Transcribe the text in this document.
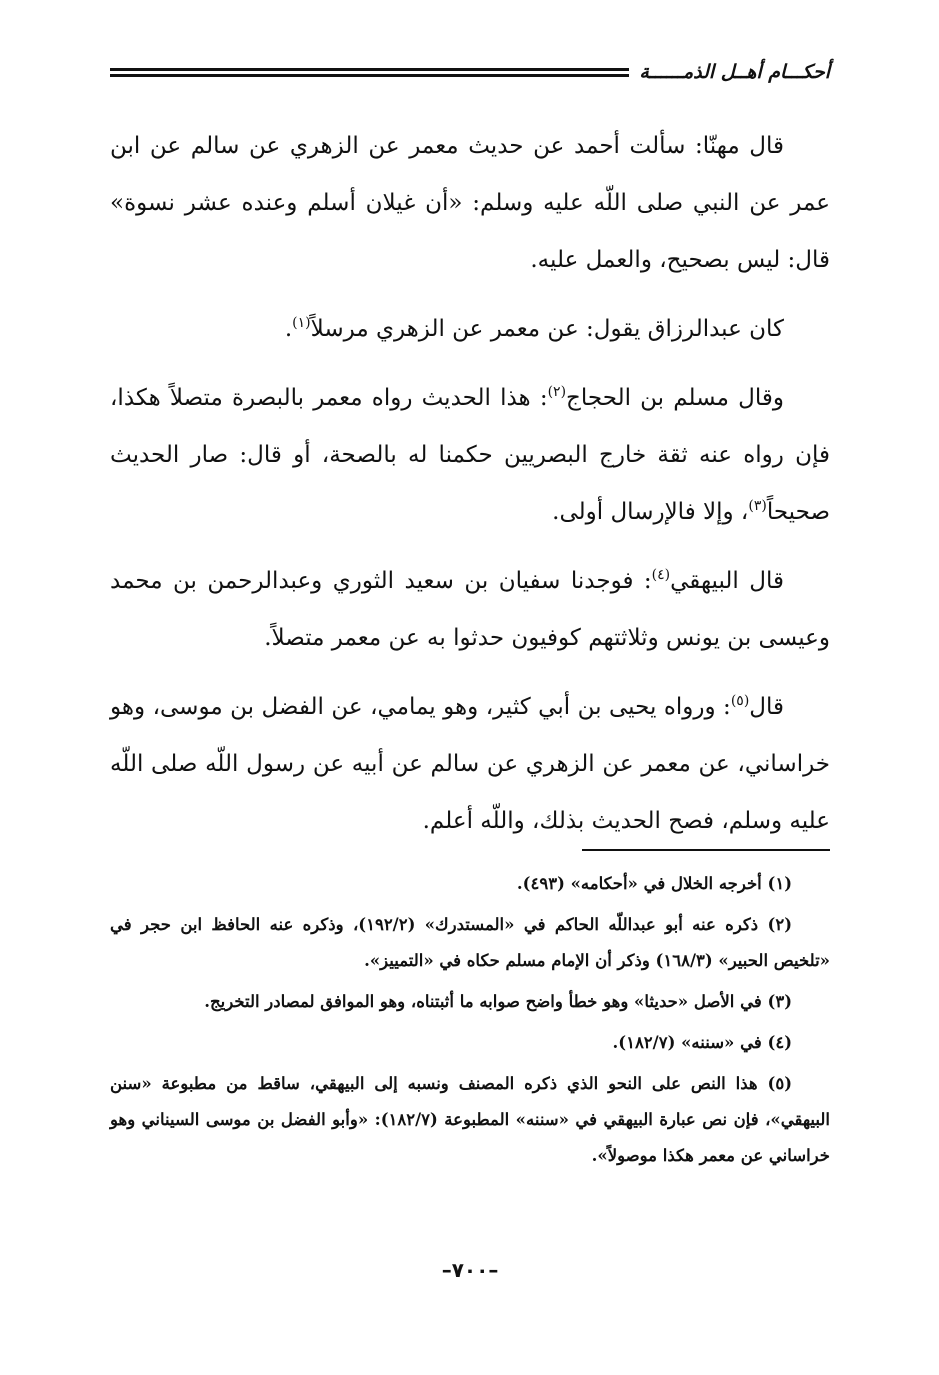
أحكـــام أهــل الذمــــــة

قال مهنّا: سألت أحمد عن حديث معمر عن الزهري عن سالم عن ابن عمر عن النبي صلى اللّه عليه وسلم: «أن غيلان أسلم وعنده عشر نسوة» قال: ليس بصحيح، والعمل عليه.

كان عبدالرزاق يقول: عن معمر عن الزهري مرسلاً$^{(١)}$.

وقال مسلم بن الحجاج$^{(٢)}$: هذا الحديث رواه معمر بالبصرة متصلاً هكذا، فإن رواه عنه ثقة خارج البصريين حكمنا له بالصحة، أو قال: صار الحديث صحيحاً$^{(٣)}$، وإلا فالإرسال أولى.

قال البيهقي$^{(٤)}$: فوجدنا سفيان بن سعيد الثوري وعبدالرحمن بن محمد وعيسى بن يونس وثلاثتهم كوفيون حدثوا به عن معمر متصلاً.

قال$^{(٥)}$: ورواه يحيى بن أبي كثير، وهو يمامي، عن الفضل بن موسى، وهو خراساني، عن معمر عن الزهري عن سالم عن أبيه عن رسول اللّه صلى اللّه عليه وسلم، فصح الحديث بذلك، واللّه أعلم.

(١) أخرجه الخلال في «أحكامه» (٤٩٣).

(٢) ذكره عنه أبو عبداللّه الحاكم في «المستدرك» (١٩٢/٢)، وذكره عنه الحافظ ابن حجر في «تلخيص الحبير» (١٦٨/٣) وذكر أن الإمام مسلم حكاه في «التمييز».

(٣) في الأصل «حديثا» وهو خطأ واضح صوابه ما أثبتناه، وهو الموافق لمصادر التخريج.

(٤) في «سننه» (١٨٢/٧).

(٥) هذا النص على النحو الذي ذكره المصنف ونسبه إلى البيهقي، ساقط من مطبوعة «سنن البيهقي»، فإن نص عبارة البيهقي في «سننه» المطبوعة (١٨٢/٧): «وأبو الفضل بن موسى السيناني وهو خراساني عن معمر هكذا موصولاً».

–٧٠٠–
